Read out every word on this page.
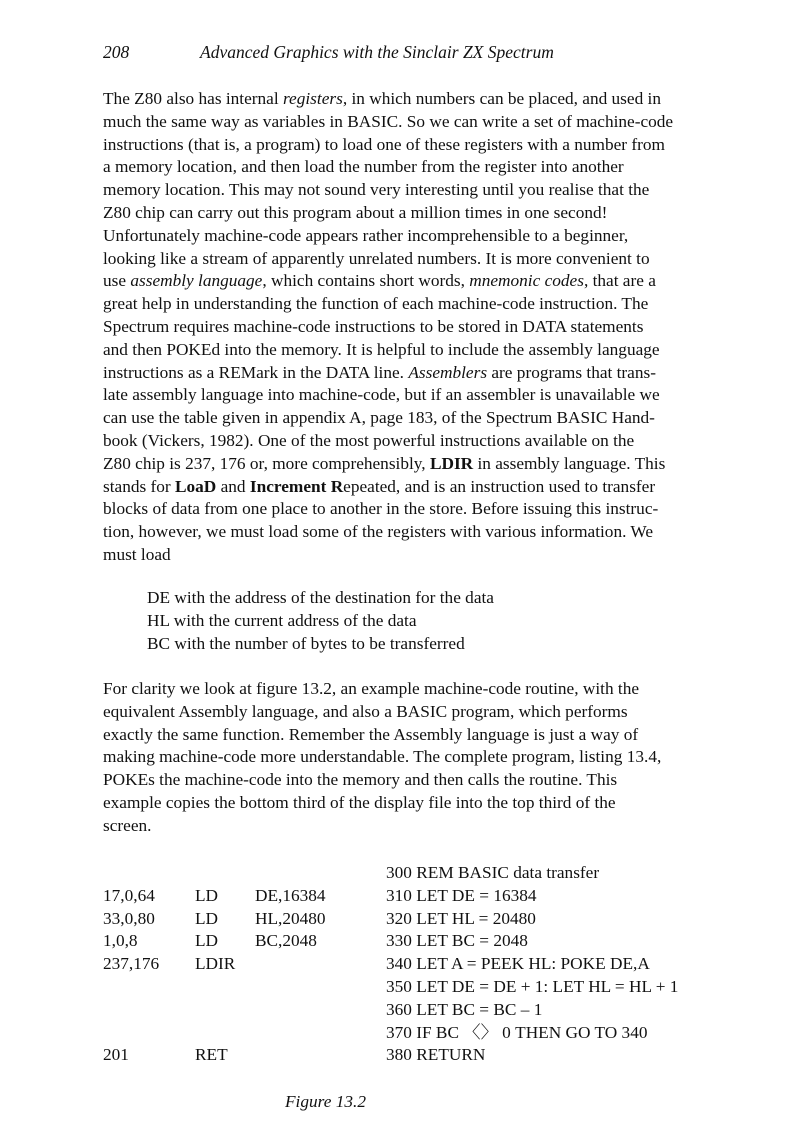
208	Advanced Graphics with the Sinclair ZX Spectrum
The Z80 also has internal registers, in which numbers can be placed, and used in
much the same way as variables in BASIC. So we can write a set of machine-code
instructions (that is, a program) to load one of these registers with a number from
a memory location, and then load the number from the register into another
memory location. This may not sound very interesting until you realise that the
Z80 chip can carry out this program about a million times in one second!
Unfortunately machine-code appears rather incomprehensible to a beginner,
looking like a stream of apparently unrelated numbers. It is more convenient to
use assembly language, which contains short words, mnemonic codes, that are a
great help in understanding the function of each machine-code instruction. The
Spectrum requires machine-code instructions to be stored in DATA statements
and then POKEd into the memory. It is helpful to include the assembly language
instructions as a REMark in the DATA line. Assemblers are programs that trans-
late assembly language into machine-code, but if an assembler is unavailable we
can use the table given in appendix A, page 183, of the Spectrum BASIC Hand-
book (Vickers, 1982). One of the most powerful instructions available on the
Z80 chip is 237, 176 or, more comprehensibly, LDIR in assembly language. This
stands for LoaD and Increment Repeated, and is an instruction used to transfer
blocks of data from one place to another in the store. Before issuing this instruc-
tion, however, we must load some of the registers with various information. We
must load
DE with the address of the destination for the data
HL with the current address of the data
BC with the number of bytes to be transferred
For clarity we look at figure 13.2, an example machine-code routine, with the
equivalent Assembly language, and also a BASIC program, which performs
exactly the same function. Remember the Assembly language is just a way of
making machine-code more understandable. The complete program, listing 13.4,
POKEs the machine-code into the memory and then calls the routine. This
example copies the bottom third of the display file into the top third of the
screen.
300 REM BASIC data transfer
17,0,64 LD DE,16384	310 LET DE = 16384
33,0,80 LD HL,20480	320 LET HL = 20480
1,0,8	LD BC,2048	330 LET BC = 2048
237,176 LDIR	340 LET A = PEEK HL: POKE DE,A
350 LET DE = DE + 1: LET HL = HL + 1
360 LET BC = BC – 1
370 IF BC 〈〉 0 THEN GO TO 340
201	RET	380 RETURN
Figure 13.2
